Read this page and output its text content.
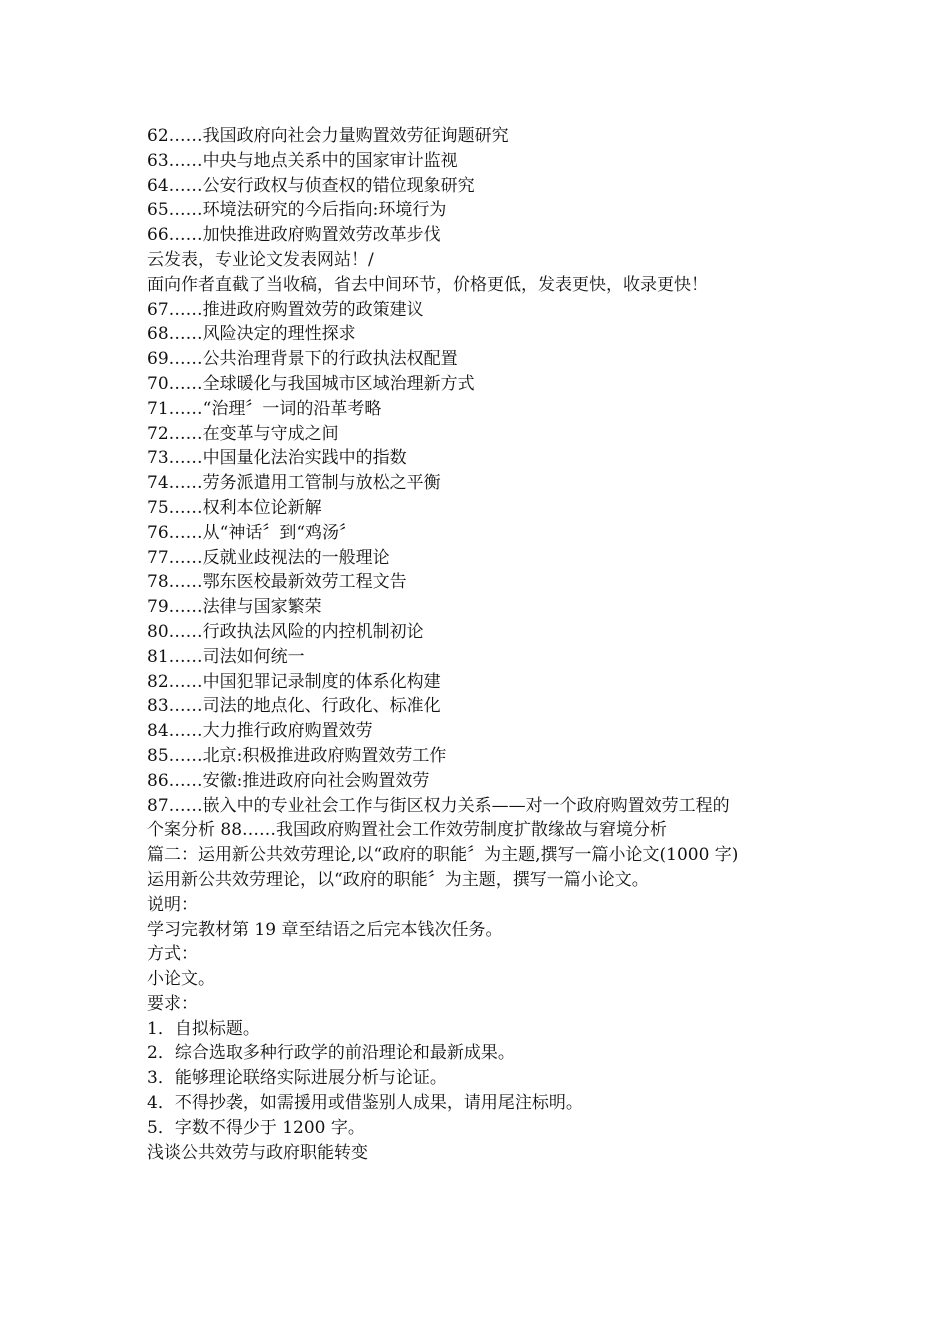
62……我国政府向社会力量购置效劳征询题研究
63……中央与地点关系中的国家审计监视
64……公安行政权与侦查权的错位现象研究
65……环境法研究的今后指向:环境行为
66……加快推进政府购置效劳改革步伐
云发表，专业论文发表网站！/
面向作者直截了当收稿，省去中间环节，价格更低，发表更快，收录更快！
67……推进政府购置效劳的政策建议
68……风险决定的理性探求
69……公共治理背景下的行政执法权配置
70……全球暖化与我国城市区域治理新方式
71……“治理〞一词的沿革考略
72……在变革与守成之间
73……中国量化法治实践中的指数
74……劳务派遣用工管制与放松之平衡
75……权利本位论新解
76……从“神话〞到“鸡汤〞
77……反就业歧视法的一般理论
78……鄂东医校最新效劳工程文告
79……法律与国家繁荣
80……行政执法风险的内控机制初论
81……司法如何统一
82……中国犯罪记录制度的体系化构建
83……司法的地点化、行政化、标准化
84……大力推行政府购置效劳
85……北京:积极推进政府购置效劳工作
86……安徽:推进政府向社会购置效劳
87……嵌入中的专业社会工作与街区权力关系——对一个政府购置效劳工程的
个案分析 88……我国政府购置社会工作效劳制度扩散缘故与窘境分析
篇二：运用新公共效劳理论,以“政府的职能〞为主题,撰写一篇小论文(1000 字)
运用新公共效劳理论，以“政府的职能〞为主题，撰写一篇小论文。
说明：
学习完教材第 19 章至结语之后完本钱次任务。
方式：
小论文。
要求：
1．自拟标题。
2．综合选取多种行政学的前沿理论和最新成果。
3．能够理论联络实际进展分析与论证。
4．不得抄袭，如需援用或借鉴别人成果，请用尾注标明。
5．字数不得少于 1200 字。
浅谈公共效劳与政府职能转变
